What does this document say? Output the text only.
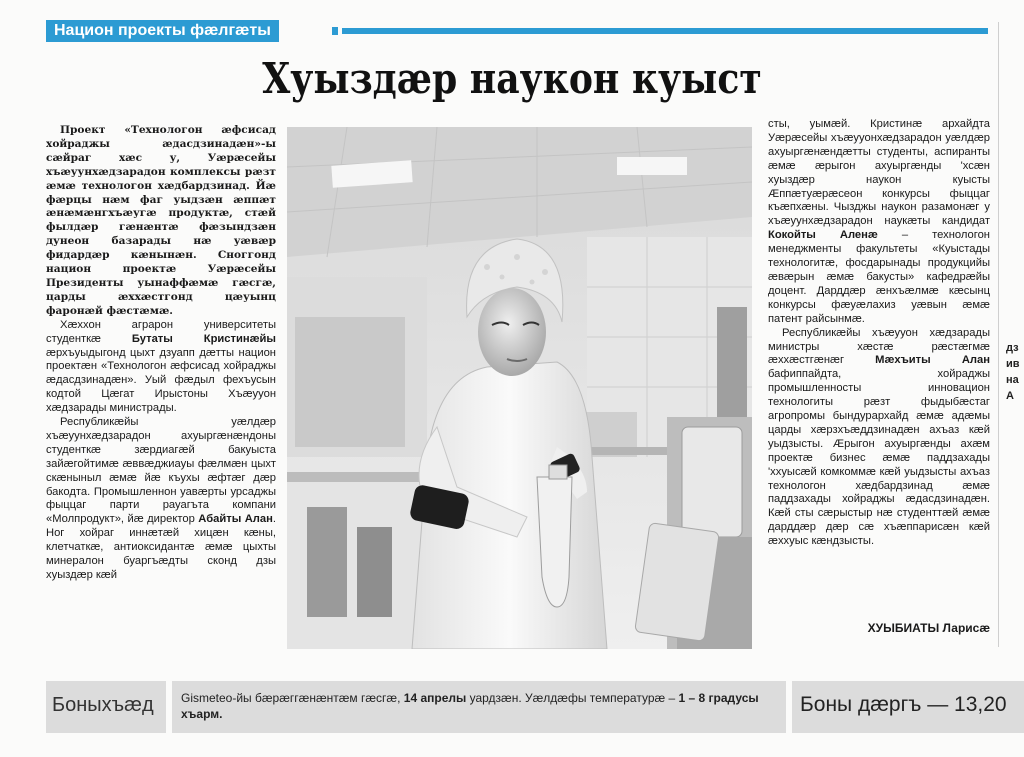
Национ проекты фæлгæты
Хуыздæр наукон куыст

Проект «Технологон æфсисад хойраджы æдасдзинадæн»-ы сæйраг хæс у, Уæрæсейы хъæуунхæдзарадон комплексы рæзт æмæ технологон хæдбардзинад. Йæ фæрцы нæм фаг уыдзæн æппæт æнæмæнгхъæугæ продуктæ, стæй фылдæр гæнæнтæ фæзындзæн дунеон базарады нæ уæвæр фидардæр кæнынæн. Сноггонд национ проектæ Уæрæсейы Президенты уынаффæмæ гæсгæ, царды æххæстгонд цæуынц фаронæй фæстæмæ.

Хæххон аграрон университеты студенткæ	Бутаты Кристинæйы æрхъуыдыгонд цыхт дзуапп дæтты национ проектæн «Технологон æфсисад хойраджы æдасдзинадæн». Уый фæдыл фехъусын кодтой Цæгат Ирыстоны Хъæууон хæдзарады министрады.

Республикæйы уæлдæр хъæуунхæдзарадон ахуыргæнæндоны студенткæ зæрдиагæй бакуыста зайæгойтимæ æввæджиауы фæлмæн цыхт скæныныл æмæ йæ къухы æфтæг дæр бакодта. Промышленнон уавæрты урсаджы фыццаг парти рауагъта компани «Молпродукт», йæ директор Абайты Алан. Ног хойраг иннæтæй хицæн кæны, клетчаткæ, антиоксидантæ æмæ цыхты минералон буаргъæдты сконд дзы хуыздæр кæй

сты, уымæй. Кристинæ архайдта Уæрæсейы хъæууонхæдзарадон уæлдæр ахуыргæнæндæтты студенты, аспиранты æмæ æрыгон ахуыргæнды 'хсæн хуыздæр наукон куысты Æппæтуæрæсеон конкурсы фыццаг къæпхæны. Чызджы наукон разамонæг у хъæуунхæдзарадон наукæты кандидат Кокойты Аленæ – технологон менеджменты факультеты «Куыстады технологитæ, фосдарынады продукцийы æвæрын æмæ бакусты» кафедрæйы доцент. Дарддæр æнхъæлмæ кæсынц конкурсы фæуæлахиз уæвын æмæ патент райсынмæ.

Республикæйы хъæууон хæдзарады министры хæстæ рæстæгмæ æххæстгæнæг	Мæхъиты Алан бафиппайдта, хойраджы промышленносты инновацион технологиты рæзт фыдыбæстаг агропромы бындурархайд æмæ адæмы царды хæрзхъæддзинадæн ахъаз кæй уыдзысты. Æрыгон ахуыргæнды ахæм проектæ бизнес æмæ паддзахады 'ххуысæй комкоммæ кæй уыдзысты ахъаз технологон хæдбардзинад æмæ паддзахады хойраджы æдасдзинадæн. Кæй сты сæрыстыр нæ студенттæй æмæ дарддæр дæр сæ хъæппарисæн кæй æххуыс кæндзысты.

ХУЫБИАТЫ Ларисæ
дз
ив
на
А
Боныхъæд Gismeteo-йы бæрæггæнæнтæм гæсгæ, 14 апрелы уардзæн. Уæлдæфы температурæ – 1 – 8 градусы хъарм.	Боны дæргъ — 13,20
